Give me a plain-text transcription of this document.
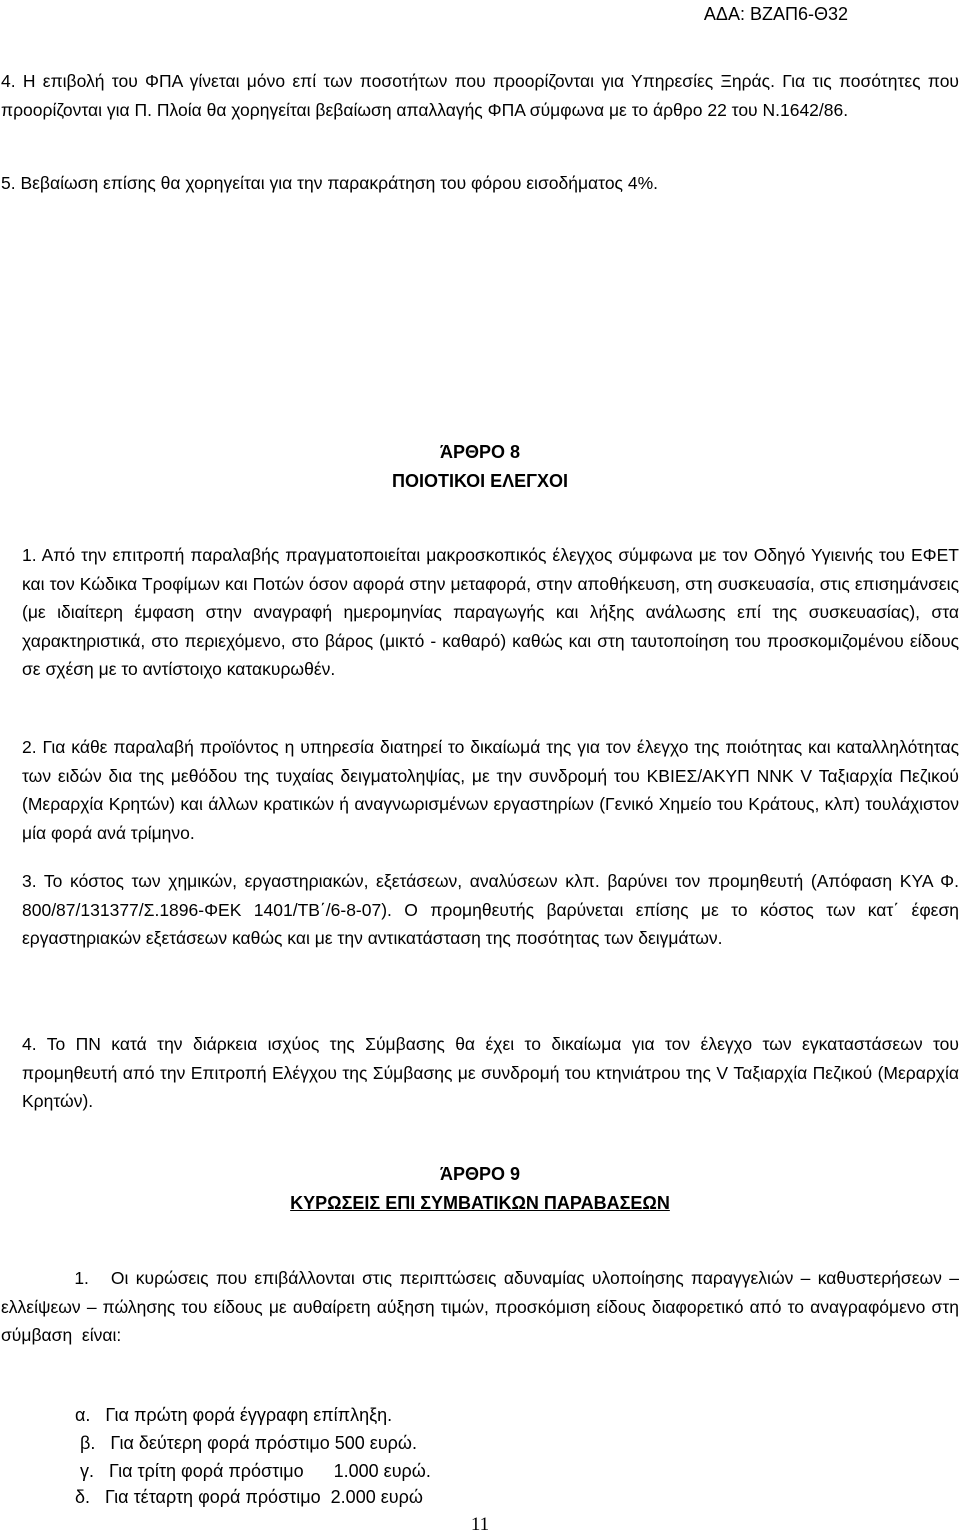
ΑΔΑ: ΒΖΑΠ6-Θ32

4. Η επιβολή του ΦΠΑ γίνεται μόνο επί των ποσοτήτων που προορίζονται για Υπηρεσίες Ξηράς. Για τις ποσότητες που προορίζονται για Π. Πλοία θα χορηγείται βεβαίωση απαλλαγής ΦΠΑ σύμφωνα με το άρθρο 22 του Ν.1642/86.

5. Βεβαίωση επίσης θα χορηγείται για την παρακράτηση του φόρου εισοδήματος 4%.

ΆΡΘΡΟ 8
ΠΟΙΟΤΙΚΟΙ ΕΛΕΓΧΟΙ

1. Από την επιτροπή παραλαβής πραγματοποιείται μακροσκοπικός έλεγχος σύμφωνα με τον Οδηγό Υγιεινής του ΕΦΕΤ και τον Κώδικα Τροφίμων και Ποτών όσον αφορά στην μεταφορά, στην αποθήκευση, στη συσκευασία, στις επισημάνσεις (με ιδιαίτερη έμφαση στην αναγραφή ημερομηνίας παραγωγής και λήξης ανάλωσης επί της συσκευασίας), στα χαρακτηριστικά, στο περιεχόμενο, στο βάρος (μικτό - καθαρό) καθώς και στη ταυτοποίηση του προσκομιζομένου είδους σε σχέση με το αντίστοιχο κατακυρωθέν.

2. Για κάθε παραλαβή προϊόντος η υπηρεσία διατηρεί το δικαίωμά της για τον έλεγχο της ποιότητας και καταλληλότητας των ειδών δια της μεθόδου της τυχαίας δειγματοληψίας, με την συνδρομή του ΚΒΙΕΣ/ΑΚΥΠ ΝΝΚ V Ταξιαρχία Πεζικού (Μεραρχία Κρητών) και άλλων κρατικών ή αναγνωρισμένων εργαστηρίων (Γενικό Χημείο του Κράτους, κλπ) τουλάχιστον μία φορά ανά τρίμηνο.

3. Το κόστος των χημικών, εργαστηριακών, εξετάσεων, αναλύσεων κλπ. βαρύνει τον προμηθευτή (Απόφαση ΚΥΑ Φ. 800/87/131377/Σ.1896-ΦΕΚ 1401/ΤΒ΄/6-8-07). Ο προμηθευτής βαρύνεται επίσης με το κόστος των κατ΄ έφεση εργαστηριακών εξετάσεων καθώς και με την αντικατάσταση της ποσότητας των δειγμάτων.

4. Το ΠΝ κατά την διάρκεια ισχύος της Σύμβασης θα έχει το δικαίωμα για τον έλεγχο των εγκαταστάσεων του προμηθευτή από την Επιτροπή Ελέγχου της Σύμβασης με συνδρομή του κτηνιάτρου της V Ταξιαρχία Πεζικού (Μεραρχία Κρητών).

ΆΡΘΡΟ 9
ΚΥΡΩΣΕΙΣ ΕΠΙ ΣΥΜΒΑΤΙΚΩΝ ΠΑΡΑΒΑΣΕΩΝ

1.   Οι κυρώσεις που επιβάλλονται στις περιπτώσεις αδυναμίας υλοποίησης παραγγελιών – καθυστερήσεων – ελλείψεων – πώλησης του είδους με αυθαίρετη αύξηση τιμών, προσκόμιση είδους διαφορετικό από το αναγραφόμενο στη σύμβαση  είναι:

α.   Για πρώτη φορά έγγραφη επίπληξη.
β.   Για δεύτερη φορά πρόστιμο 500 ευρώ.
γ.   Για τρίτη φορά πρόστιμο      1.000 ευρώ.
δ.   Για τέταρτη φορά πρόστιμο  2.000 ευρώ
11
